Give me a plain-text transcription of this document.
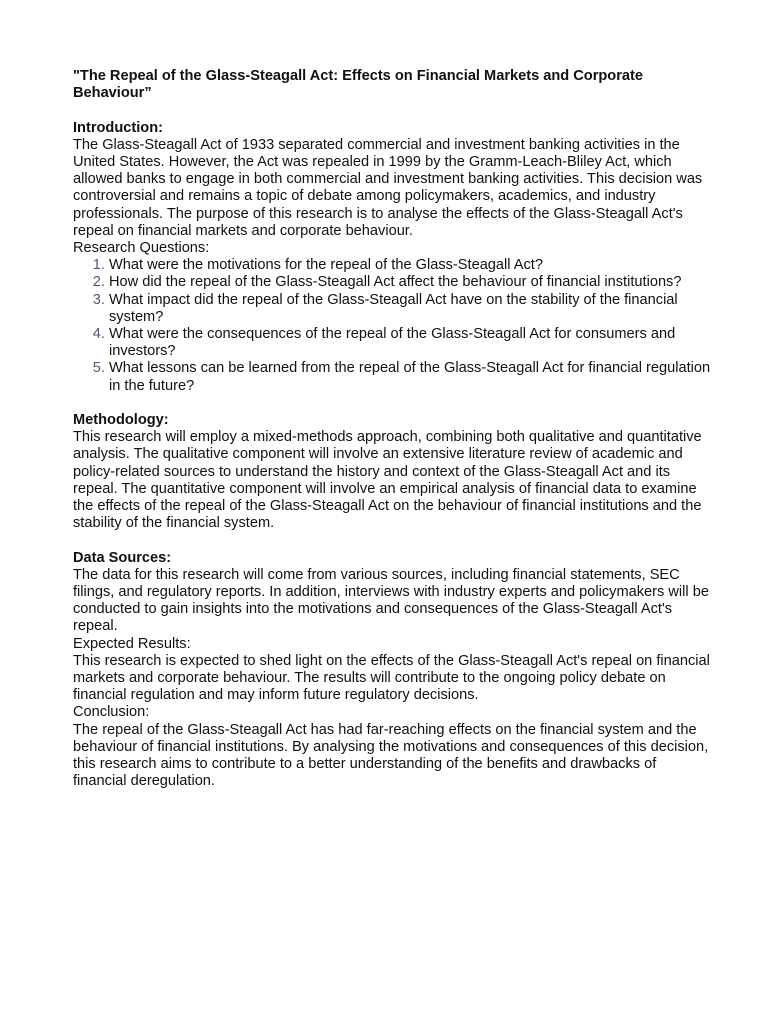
"The Repeal of the Glass-Steagall Act: Effects on Financial Markets and Corporate Behaviour”

Introduction:

The Glass-Steagall Act of 1933 separated commercial and investment banking activities in the United States. However, the Act was repealed in 1999 by the Gramm-Leach-Bliley Act, which allowed banks to engage in both commercial and investment banking activities. This decision was controversial and remains a topic of debate among policymakers, academics, and industry professionals. The purpose of this research is to analyse the effects of the Glass-Steagall Act's repeal on financial markets and corporate behaviour.

Research Questions:

1. What were the motivations for the repeal of the Glass-Steagall Act?
2. How did the repeal of the Glass-Steagall Act affect the behaviour of financial institutions?
3. What impact did the repeal of the Glass-Steagall Act have on the stability of the financial system?
4. What were the consequences of the repeal of the Glass-Steagall Act for consumers and investors?
5. What lessons can be learned from the repeal of the Glass-Steagall Act for financial regulation in the future?

Methodology:

This research will employ a mixed-methods approach, combining both qualitative and quantitative analysis. The qualitative component will involve an extensive literature review of academic and policy-related sources to understand the history and context of the Glass-Steagall Act and its repeal. The quantitative component will involve an empirical analysis of financial data to examine the effects of the repeal of the Glass-Steagall Act on the behaviour of financial institutions and the stability of the financial system.

Data Sources:

The data for this research will come from various sources, including financial statements, SEC filings, and regulatory reports. In addition, interviews with industry experts and policymakers will be conducted to gain insights into the motivations and consequences of the Glass-Steagall Act's repeal.

Expected Results:

This research is expected to shed light on the effects of the Glass-Steagall Act's repeal on financial markets and corporate behaviour. The results will contribute to the ongoing policy debate on financial regulation and may inform future regulatory decisions.

Conclusion:

The repeal of the Glass-Steagall Act has had far-reaching effects on the financial system and the behaviour of financial institutions. By analysing the motivations and consequences of this decision, this research aims to contribute to a better understanding of the benefits and drawbacks of financial deregulation.
